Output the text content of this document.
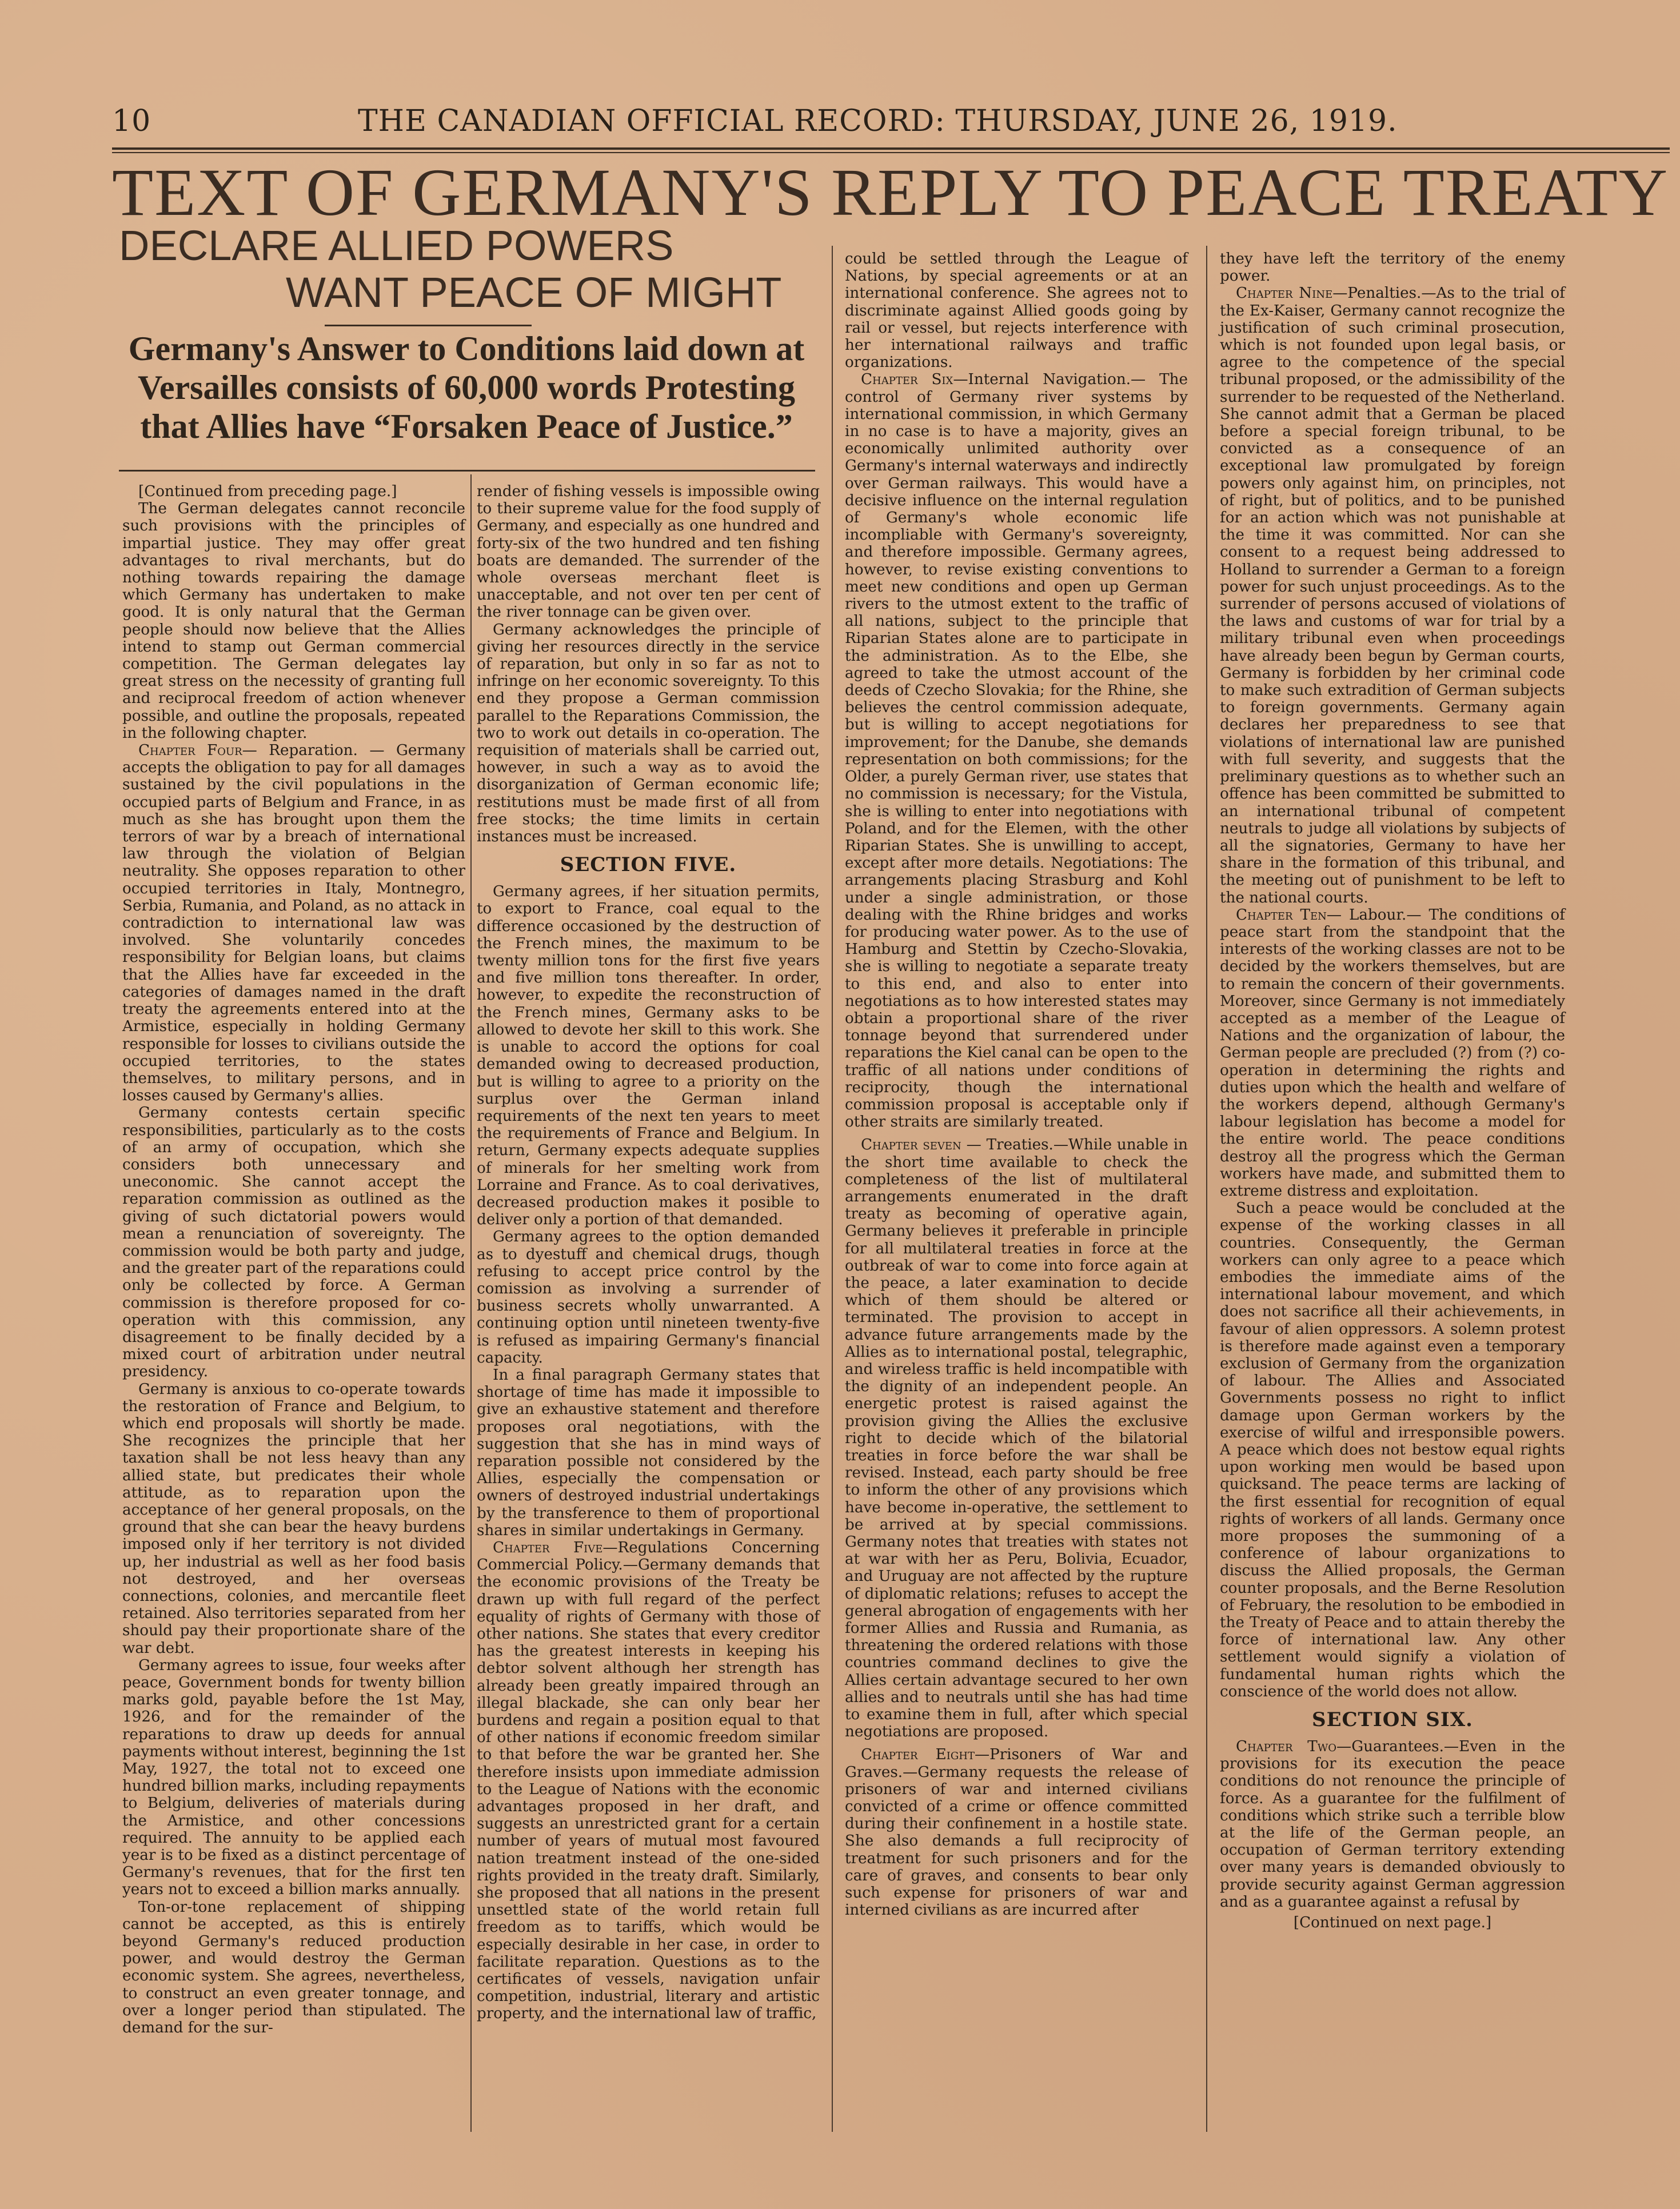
10	THE CANADIAN OFFICIAL RECORD: THURSDAY, JUNE 26, 1919.
TEXT OF GERMANY'S REPLY TO PEACE TREATY
DECLARE ALLIED POWERS
WANT PEACE OF MIGHT
Germany's Answer to Conditions laid down at Versailles consists of 60,000 words Protesting that Allies have “Forsaken Peace of Justice.”

[Continued from preceding page.]

The German delegates cannot reconcile such provisions with the principles of impartial justice. They may offer great advantages to rival merchants, but do nothing towards repairing the damage which Germany has undertaken to make good. It is only natural that the German people should now believe that the Allies intend to stamp out German commercial competition. The German delegates lay great stress on the necessity of granting full and reciprocal freedom of action whenever possible, and outline the proposals, repeated in the following chapter.

Chapter Four— Reparation. — Germany accepts the obligation to pay for all damages sustained by the civil populations in the occupied parts of Belgium and France, in as much as she has brought upon them the terrors of war by a breach of international law through the violation of Belgian neutrality. She opposes reparation to other occupied territories in Italy, Montnegro, Serbia, Rumania, and Poland, as no attack in contradiction to international law was involved. She voluntarily concedes responsibility for Belgian loans, but claims that the Allies have far exceeded in the categories of damages named in the draft treaty the agreements entered into at the Armistice, especially in holding Germany responsible for losses to civilians outside the occupied territories, to the states themselves, to military persons, and in losses caused by Germany's allies.

Germany contests certain specific responsibilities, particularly as to the costs of an army of occupation, which she considers both unnecessary and uneconomic. She cannot accept the reparation commission as outlined as the giving of such dictatorial powers would mean a renunciation of sovereignty. The commission would be both party and judge, and the greater part of the reparations could only be collected by force. A German commission is therefore proposed for co-operation with this commission, any disagreement to be finally decided by a mixed court of arbitration under neutral presidency.

Germany is anxious to co-operate towards the restoration of France and Belgium, to which end proposals will shortly be made. She recognizes the principle that her taxation shall be not less heavy than any allied state, but predicates their whole attitude, as to reparation upon the acceptance of her general proposals, on the ground that she can bear the heavy burdens imposed only if her territory is not divided up, her industrial as well as her food basis not destroyed, and her overseas connections, colonies, and mercantile fleet retained. Also territories separated from her should pay their proportionate share of the war debt.

Germany agrees to issue, four weeks after peace, Government bonds for twenty billion marks gold, payable before the 1st May, 1926, and for the remainder of the reparations to draw up deeds for annual payments without interest, beginning the 1st May, 1927, the total not to exceed one hundred billion marks, including repayments to Belgium, deliveries of materials during the Armistice, and other concessions required. The annuity to be applied each year is to be fixed as a distinct percentage of Germany's revenues, that for the first ten years not to exceed a billion marks annually.

Ton-or-tone replacement of shipping cannot be accepted, as this is entirely beyond Germany's reduced production power, and would destroy the German economic system. She agrees, nevertheless, to construct an even greater tonnage, and over a longer period than stipulated. The demand for the sur-

render of fishing vessels is impossible owing to their supreme value for the food supply of Germany, and especially as one hundred and forty-six of the two hundred and ten fishing boats are demanded. The surrender of the whole overseas merchant fleet is unacceptable, and not over ten per cent of the river tonnage can be given over.

Germany acknowledges the principle of giving her resources directly in the service of reparation, but only in so far as not to infringe on her economic sovereignty. To this end they propose a German commission parallel to the Reparations Commission, the two to work out details in co-operation. The requisition of materials shall be carried out, however, in such a way as to avoid the disorganization of German economic life; restitutions must be made first of all from free stocks; the time limits in certain instances must be increased.

SECTION FIVE.

Germany agrees, if her situation permits, to export to France, coal equal to the difference occasioned by the destruction of the French mines, the maximum to be twenty million tons for the first five years and five million tons thereafter. In order, however, to expedite the reconstruction of the French mines, Germany asks to be allowed to devote her skill to this work. She is unable to accord the options for coal demanded owing to decreased production, but is willing to agree to a priority on the surplus over the German inland requirements of the next ten years to meet the requirements of France and Belgium. In return, Germany expects adequate supplies of minerals for her smelting work from Lorraine and France. As to coal derivatives, decreased production makes it posible to deliver only a portion of that demanded.

Germany agrees to the option demanded as to dyestuff and chemical drugs, though refusing to accept price control by the comission as involving a surrender of business secrets wholly unwarranted. A continuing option until nineteen twenty-five is refused as impairing Germany's financial capacity.

In a final paragraph Germany states that shortage of time has made it impossible to give an exhaustive statement and therefore proposes oral negotiations, with the suggestion that she has in mind ways of reparation possible not considered by the Allies, especially the compensation or owners of destroyed industrial undertakings by the transference to them of proportional shares in similar undertakings in Germany.

Chapter Five—Regulations Concerning Commercial Policy.—Germany demands that the economic provisions of the Treaty be drawn up with full regard of the perfect equality of rights of Germany with those of other nations. She states that every creditor has the greatest interests in keeping his debtor solvent although her strength has already been greatly impaired through an illegal blackade, she can only bear her burdens and regain a position equal to that of other nations if economic freedom similar to that before the war be granted her. She therefore insists upon immediate admission to the League of Nations with the economic advantages proposed in her draft, and suggests an unrestricted grant for a certain number of years of mutual most favoured nation treatment instead of the one-sided rights provided in the treaty draft. Similarly, she proposed that all nations in the present unsettled state of the world retain full freedom as to tariffs, which would be especially desirable in her case, in order to facilitate reparation. Questions as to the certificates of vessels, navigation unfair competition, industrial, literary and artistic property, and the international law of traffic,

could be settled through the League of Nations, by special agreements or at an international conference. She agrees not to discriminate against Allied goods going by rail or vessel, but rejects interference with her international railways and traffic organizations.

Chapter Six—Internal Navigation.— The control of Germany river systems by international commission, in which Germany in no case is to have a majority, gives an economically unlimited authority over Germany's internal waterways and indirectly over German railways. This would have a decisive influence on the internal regulation of Germany's whole economic life incompliable with Germany's sovereignty, and therefore impossible. Germany agrees, however, to revise existing conventions to meet new conditions and open up German rivers to the utmost extent to the traffic of all nations, subject to the principle that Riparian States alone are to participate in the administration. As to the Elbe, she agreed to take the utmost account of the deeds of Czecho Slovakia; for the Rhine, she believes the centrol commission adequate, but is willing to accept negotiations for improvement; for the Danube, she demands representation on both commissions; for the Older, a purely German river, use states that no commission is necessary; for the Vistula, she is willing to enter into negotiations with Poland, and for the Elemen, with the other Riparian States. She is unwilling to accept, except after more details. Negotiations: The arrangements placing Strasburg and Kohl under a single administration, or those dealing with the Rhine bridges and works for producing water power. As to the use of Hamburg and Stettin by Czecho-Slovakia, she is willing to negotiate a separate treaty to this end, and also to enter into negotiations as to how interested states may obtain a proportional share of the river tonnage beyond that surrendered under reparations the Kiel canal can be open to the traffic of all nations under conditions of reciprocity, though the international commission proposal is acceptable only if other straits are similarly treated.

Chapter seven — Treaties.—While unable in the short time available to check the completeness of the list of multilateral arrangements enumerated in the draft treaty as becoming of operative again, Germany believes it preferable in principle for all multilateral treaties in force at the outbreak of war to come into force again at the peace, a later examination to decide which of them should be altered or terminated. The provision to accept in advance future arrangements made by the Allies as to international postal, telegraphic, and wireless traffic is held incompatible with the dignity of an independent people. An energetic protest is raised against the provision giving the Allies the exclusive right to decide which of the bilatorial treaties in force before the war shall be revised. Instead, each party should be free to inform the other of any provisions which have become in-operative, the settlement to be arrived at by special commissions. Germany notes that treaties with states not at war with her as Peru, Bolivia, Ecuador, and Uruguay are not affected by the rupture of diplomatic relations; refuses to accept the general abrogation of engagements with her former Allies and Russia and Rumania, as threatening the ordered relations with those countries command declines to give the Allies certain advantage secured to her own allies and to neutrals until she has had time to examine them in full, after which special negotiations are proposed.

Chapter Eight—Prisoners of War and Graves.—Germany requests the release of prisoners of war and interned civilians convicted of a crime or offence committed during their confinement in a hostile state. She also demands a full reciprocity of treatment for such prisoners and for the care of graves, and consents to bear only such expense for prisoners of war and interned civilians as are incurred after

they have left the territory of the enemy power.

Chapter Nine—Penalties.—As to the trial of the Ex-Kaiser, Germany cannot recognize the justification of such criminal prosecution, which is not founded upon legal basis, or agree to the competence of the special tribunal proposed, or the admissibility of the surrender to be requested of the Netherland. She cannot admit that a German be placed before a special foreign tribunal, to be convicted as a consequence of an exceptional law promulgated by foreign powers only against him, on principles, not of right, but of politics, and to be punished for an action which was not punishable at the time it was committed. Nor can she consent to a request being addressed to Holland to surrender a German to a foreign power for such unjust proceedings. As to the surrender of persons accused of violations of the laws and customs of war for trial by a military tribunal even when proceedings have already been begun by German courts, Germany is forbidden by her criminal code to make such extradition of German subjects to foreign governments. Germany again declares her preparedness to see that violations of international law are punished with full severity, and suggests that the preliminary questions as to whether such an offence has been committed be submitted to an international tribunal of competent neutrals to judge all violations by subjects of all the signatories, Germany to have her share in the formation of this tribunal, and the meeting out of punishment to be left to the national courts.

Chapter Ten— Labour.— The conditions of peace start from the standpoint that the interests of the working classes are not to be decided by the workers themselves, but are to remain the concern of their governments. Moreover, since Germany is not immediately accepted as a member of the League of Nations and the organization of labour, the German people are precluded (?) from (?) co-operation in determining the rights and duties upon which the health and welfare of the workers depend, although Germany's labour legislation has become a model for the entire world. The peace conditions destroy all the progress which the German workers have made, and submitted them to extreme distress and exploitation.

Such a peace would be concluded at the expense of the working classes in all countries. Consequently, the German workers can only agree to a peace which embodies the immediate aims of the international labour movement, and which does not sacrifice all their achievements, in favour of alien oppressors. A solemn protest is therefore made against even a temporary exclusion of Germany from the organization of labour. The Allies and Associated Governments possess no right to inflict damage upon German workers by the exercise of wilful and irresponsible powers. A peace which does not bestow equal rights upon working men would be based upon quicksand. The peace terms are lacking of the first essential for recognition of equal rights of workers of all lands. Germany once more proposes the summoning of a conference of labour organizations to discuss the Allied proposals, the German counter proposals, and the Berne Resolution of February, the resolution to be embodied in the Treaty of Peace and to attain thereby the force of international law. Any other settlement would signify a violation of fundamental human rights which the conscience of the world does not allow.

SECTION SIX.

Chapter Two—Guarantees.—Even in the provisions for its execution the peace conditions do not renounce the principle of force. As a guarantee for the fulfilment of conditions which strike such a terrible blow at the life of the German people, an occupation of German territory extending over many years is demanded obviously to provide security against German aggression and as a guarantee against a refusal by

[Continued on next page.]
